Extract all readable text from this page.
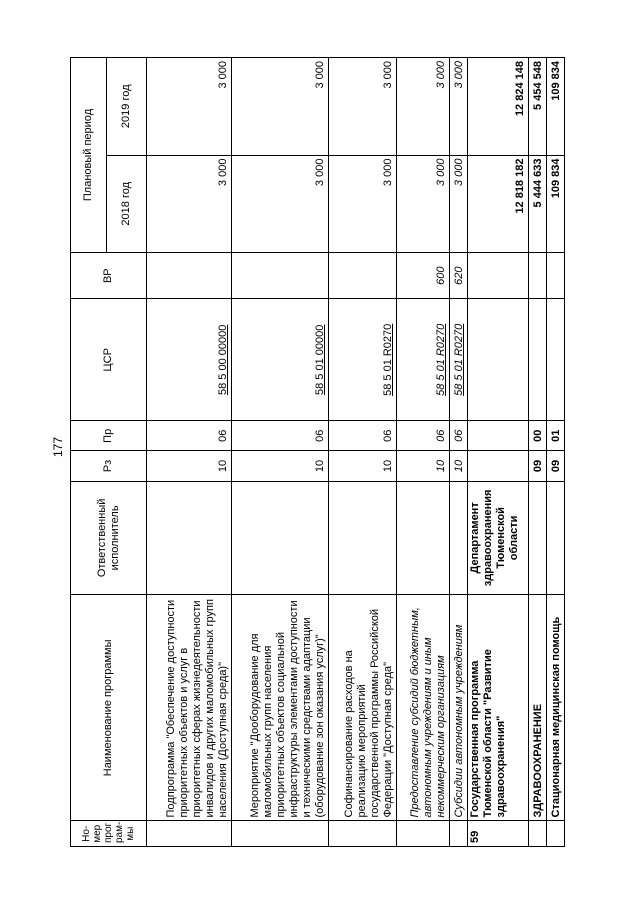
177
Но-
мер
прог
рам-
мы	Наименование программы	Ответственный исполнитель	Рз	Пр	ЦСР	ВР	Плановый период	
							2018 год	2019 год
	Подпрограмма "Обеспечение доступности приоритетных объектов и услуг в приоритетных сферах жизнедеятельности инвалидов и других маломобильных групп населения (Доступная среда)"		10	06	58 5 00 00000		3 000	3 000
	Мероприятие "Дооборудование для маломобильных групп населения приоритетных объектов социальной инфраструктуры элементами доступности и техническими средствами адаптации (оборудование зон оказания услуг)"		10	06	58 5 01 00000		3 000	3 000
	Софинансирование расходов на реализацию мероприятий государственной программы Российской Федерации "Доступная среда"		10	06	58 5 01 R0270		3 000	3 000
	Предоставление субсидий бюджетным, автономным учреждениям и иным некоммерческим организациям		10	06	58 5 01 R0270	600	3 000	3 000
	Субсидии автономным учреждениям		10	06	58 5 01 R0270	620	3 000	3 000
59	Государственная программа Тюменской области "Развитие здравоохранения"	Департамент здравоохранения Тюменской области					12 818 182	12 824 148
	ЗДРАВООХРАНЕНИЕ		09	00			5 444 633	5 454 548
	Стационарная медицинская помощь		09	01			109 834	109 834
